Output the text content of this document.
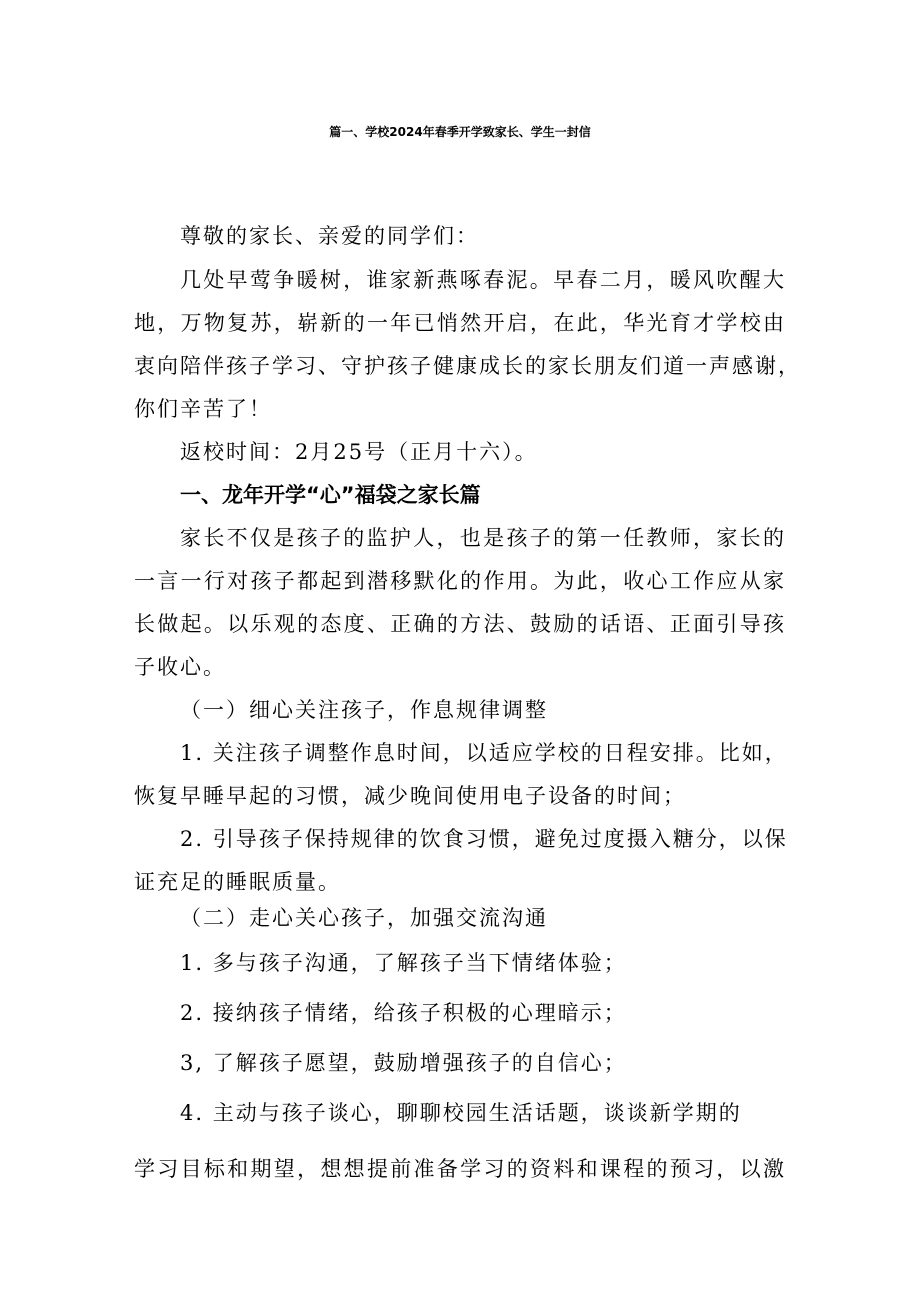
篇一、学校2024年春季开学致家长、学生一封信
尊敬的家长、亲爱的同学们：
几处早莺争暖树，谁家新燕啄春泥。早春二月，暖风吹醒大
地，万物复苏，崭新的一年已悄然开启，在此，华光育才学校由
衷向陪伴孩子学习、守护孩子健康成长的家长朋友们道一声感谢，
你们辛苦了！
返校时间：2月25号（正月十六）。
一、龙年开学“心”福袋之家长篇
家长不仅是孩子的监护人，也是孩子的第一任教师，家长的
一言一行对孩子都起到潜移默化的作用。为此，收心工作应从家
长做起。以乐观的态度、正确的方法、鼓励的话语、正面引导孩
子收心。
（一）细心关注孩子，作息规律调整
1. 关注孩子调整作息时间，以适应学校的日程安排。比如，
恢复早睡早起的习惯，减少晚间使用电子设备的时间；
2. 引导孩子保持规律的饮食习惯，避免过度摄入糖分，以保
证充足的睡眠质量。
（二）走心关心孩子，加强交流沟通
1. 多与孩子沟通，了解孩子当下情绪体验；
2. 接纳孩子情绪，给孩子积极的心理暗示；
3, 了解孩子愿望，鼓励增强孩子的自信心；
4. 主动与孩子谈心，聊聊校园生活话题，谈谈新学期的
学习目标和期望，想想提前准备学习的资料和课程的预习，以激
